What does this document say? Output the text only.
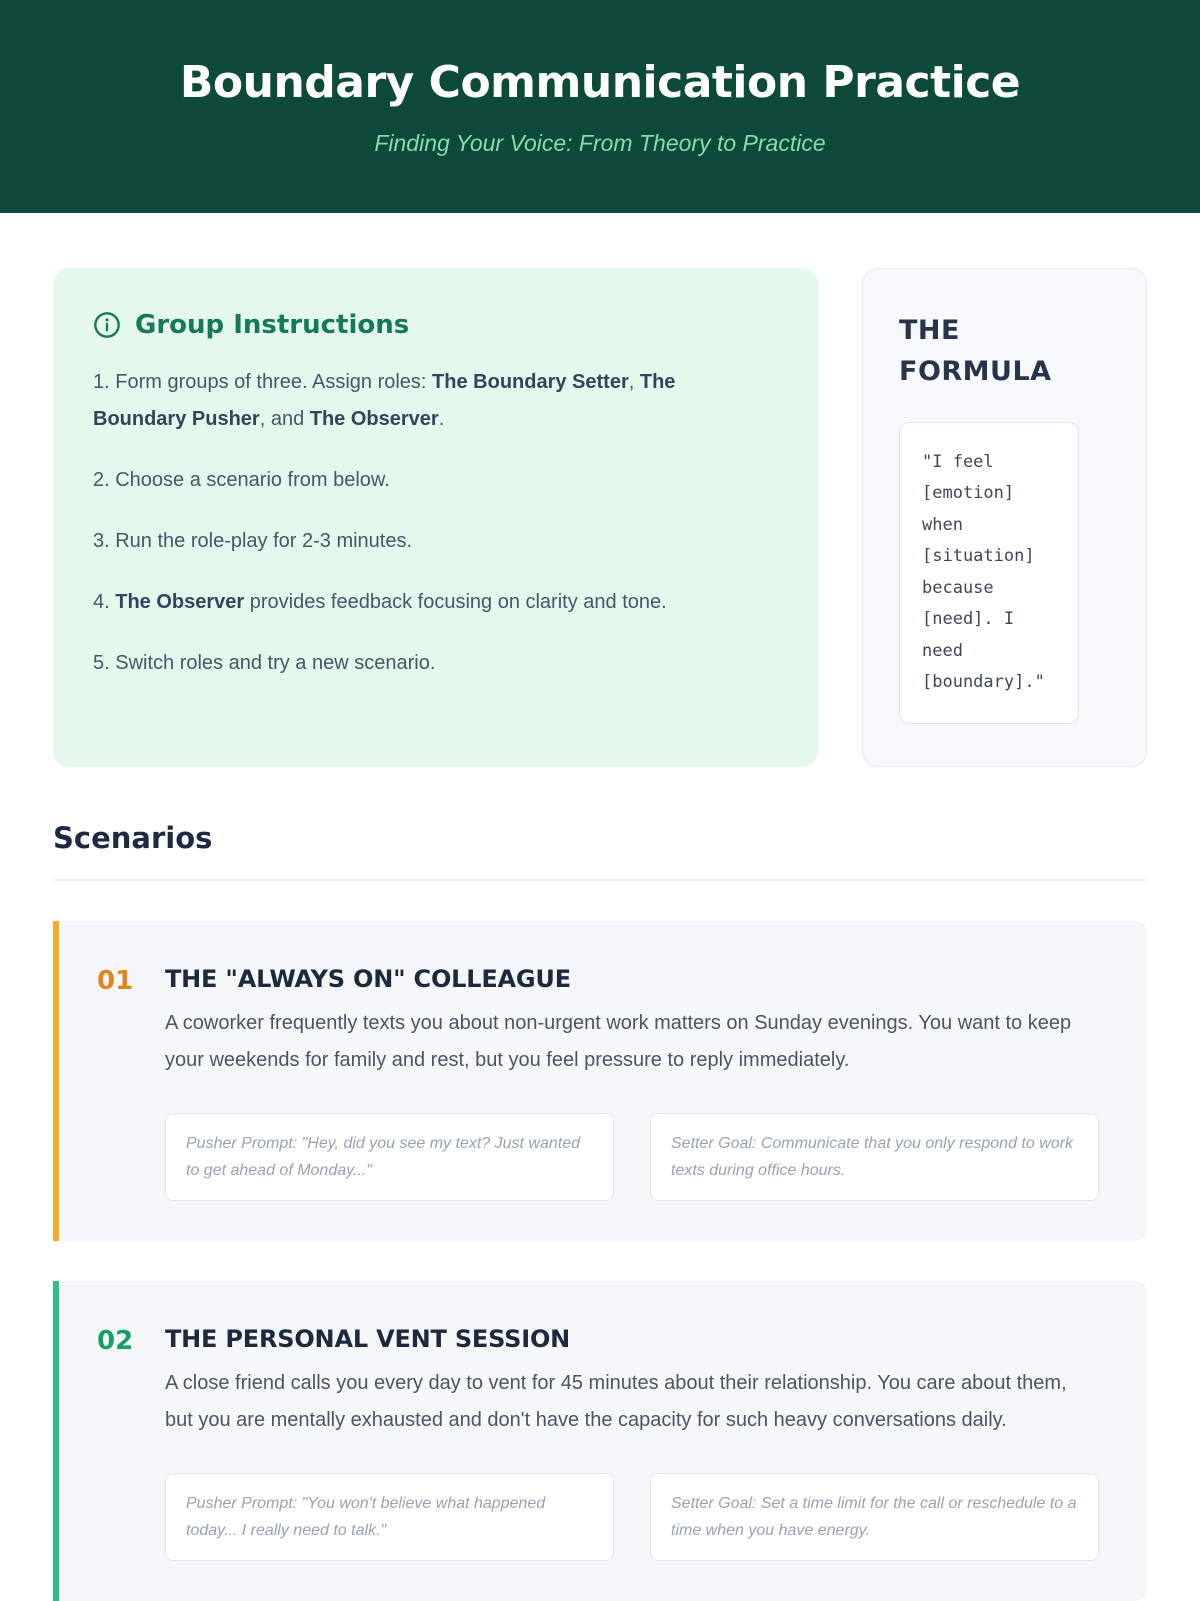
Boundary Communication Practice

Finding Your Voice: From Theory to Practice

Group Instructions

1. Form groups of three. Assign roles: The Boundary Setter, The Boundary Pusher, and The Observer.

2. Choose a scenario from below.

3. Run the role-play for 2-3 minutes.

4. The Observer provides feedback focusing on clarity and tone.

5. Switch roles and try a new scenario.

THE FORMULA
"I feel [emotion] when [situation] because [need]. I need [boundary]."
Scenarios
01	THE "ALWAYS ON" COLLEAGUE

A coworker frequently texts you about non-urgent work matters on Sunday evenings. You want to keep your weekends for family and rest, but you feel pressure to reply immediately.

Pusher Prompt: "Hey, did you see my text? Just wanted to get ahead of Monday..."
Setter Goal: Communicate that you only respond to work texts during office hours.
02	THE PERSONAL VENT SESSION

A close friend calls you every day to vent for 45 minutes about their relationship. You care about them, but you are mentally exhausted and don't have the capacity for such heavy conversations daily.

Pusher Prompt: "You won't believe what happened today... I really need to talk."
Setter Goal: Set a time limit for the call or reschedule to a time when you have energy.
